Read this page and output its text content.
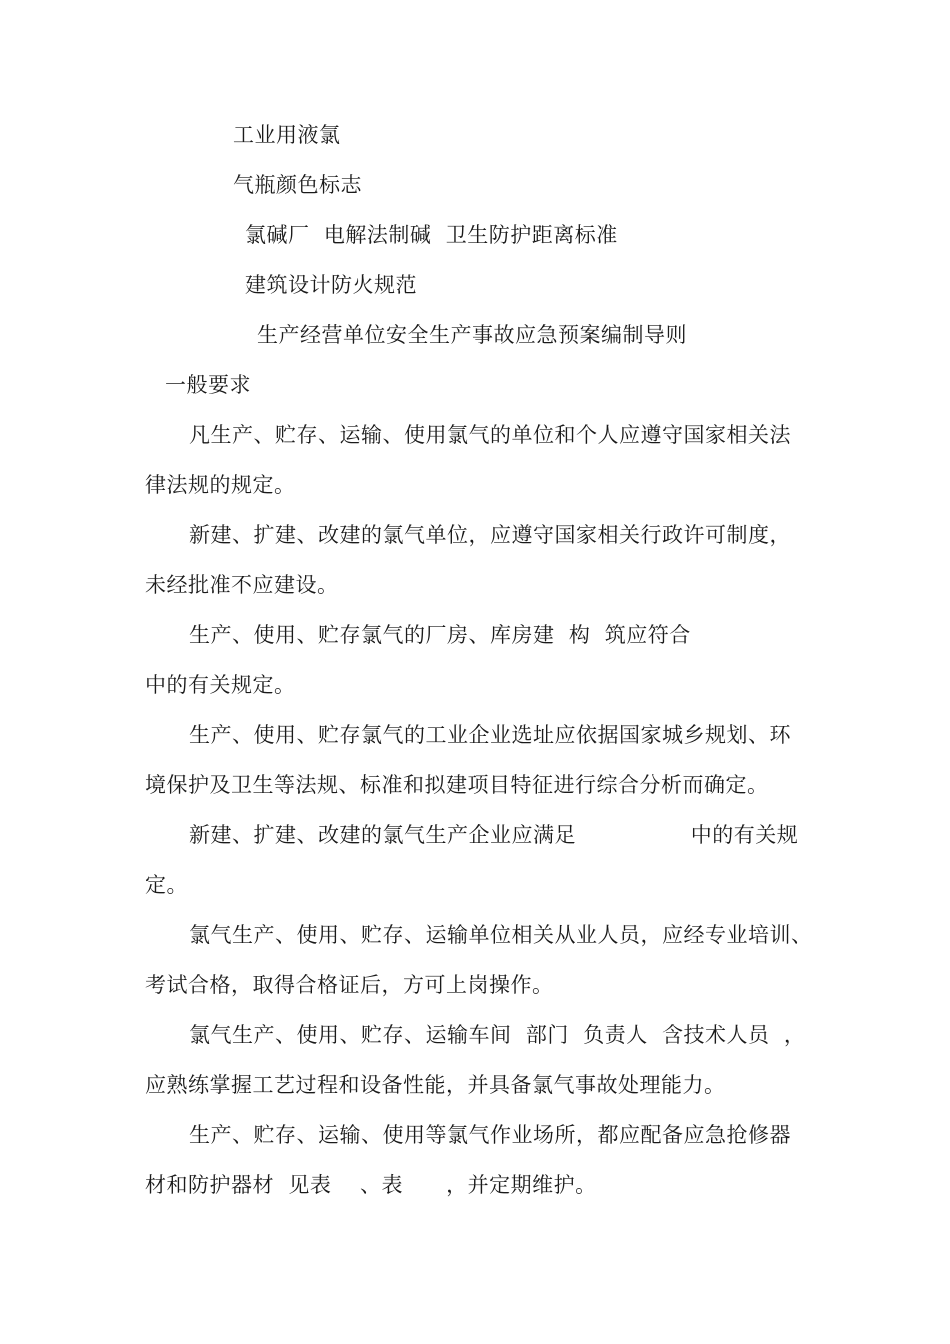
工业用液氯
气瓶颜色标志
氯碱厂  电解法制碱  卫生防护距离标准
建筑设计防火规范
生产经营单位安全生产事故应急预案编制导则
一般要求
凡生产、贮存、运输、使用氯气的单位和个人应遵守国家相关法
律法规的规定。
新建、扩建、改建的氯气单位，应遵守国家相关行政许可制度，
未经批准不应建设。
生产、使用、贮存氯气的厂房、库房建  构  筑应符合
中的有关规定。
生产、使用、贮存氯气的工业企业选址应依据国家城乡规划、环
境保护及卫生等法规、标准和拟建项目特征进行综合分析而确定。
新建、扩建、改建的氯气生产企业应满足                中的有关规
定。
氯气生产、使用、贮存、运输单位相关从业人员，应经专业培训、
考试合格，取得合格证后，方可上岗操作。
氯气生产、使用、贮存、运输车间  部门  负责人  含技术人员  ，
应熟练掌握工艺过程和设备性能，并具备氯气事故处理能力。
生产、贮存、运输、使用等氯气作业场所，都应配备应急抢修器
材和防护器材  见表    、表      ，并定期维护。
